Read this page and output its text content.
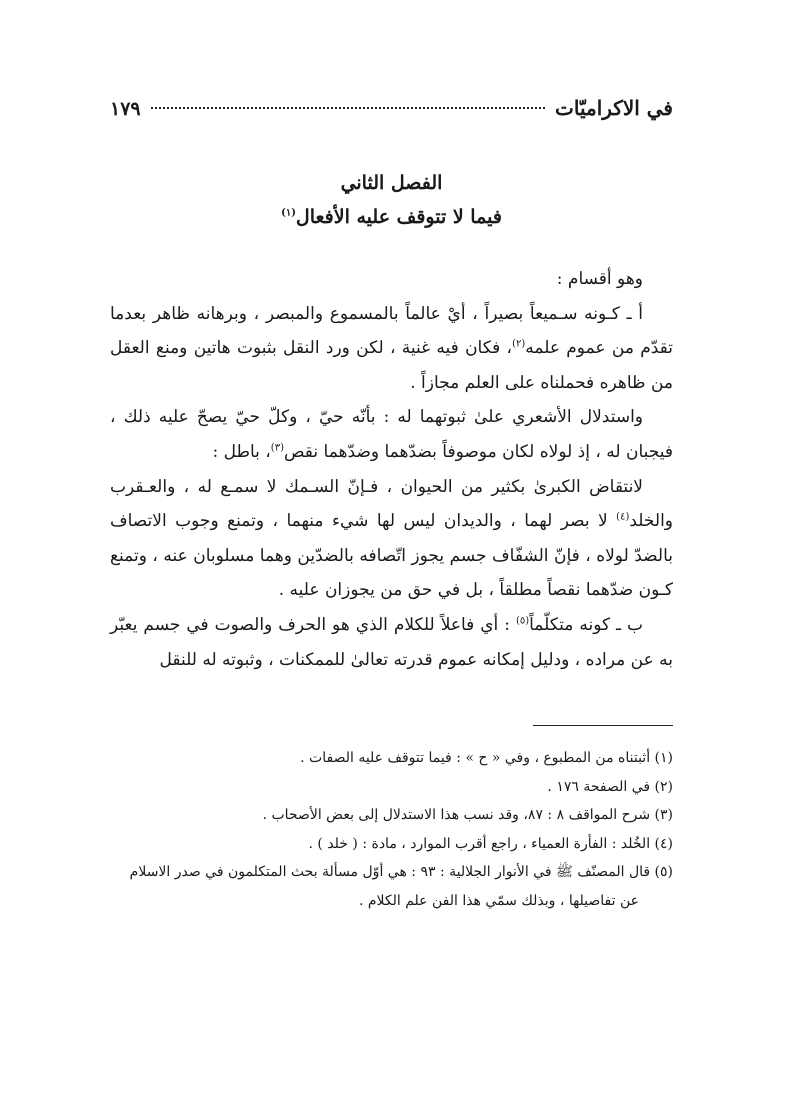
في الاكراميّات
١٧٩
الفصل الثاني
فيما لا تتوقف عليه الأفعال$^{(١)}$

وهو أقسام :

أ ـ كـونه سـميعاً بصيراً ، أيْ عالماً بالمسموع والمبصر ، وبرهانه ظاهر بعدما تقدّم من عموم علمه$^{(٢)}$، فكان فيه غنية ، لكن ورد النقل بثبوت هاتين ومنع العقل من ظاهره فحملناه على العلم مجازاً .

واستدلال الأشعري علىٰ ثبوتهما له : بأنّه حيّ ، وكلّ حيّ يصحّ عليه ذلك ، فيجبان له ، إذ لولاه لكان موصوفاً بضدّهما وضدّهما نقص$^{(٣)}$، باطل :

لانتقاض الكبرىٰ بكثير من الحيوان ، فـإنّ السـمك لا سمـع له ، والعـقرب والخلد$^{(٤)}$ لا بصر لهما ، والديدان ليس لها شيء منهما ، وتمنع وجوب الاتصاف بالضدّ لولاه ، فإنّ الشفّاف جسم يجوز اتّصافه بالضدّين وهما مسلوبان عنه ، وتمنع كـون ضدّهما نقصاً مطلقاً ، بل في حق من يجوزان عليه .

ب ـ كونه متكلّماً$^{(٥)}$ : أي فاعلاً للكلام الذي هو الحرف والصوت في جسم يعبّر به عن مراده ، ودليل إمكانه عموم قدرته تعالىٰ للممكنات ، وثبوته له للنقل

(١) أثبتناه من المطبوع ، وفي « ح » : فيما تتوقف عليه الصفات .

(٢) في الصفحة ١٧٦ .

(٣) شرح المواقف ٨ : ٨٧، وقد نسب هذا الاستدلال إلى بعض الأصحاب .

(٤) الخُلد : الفأرة العمياء ، راجع أقرب الموارد ، مادة : ( خلد ) .

(٥) قال المصنّف ﷺ في الأنوار الجلالية : ٩٣ : هي أوّل مسألة بحث المتكلمون في صدر الاسلام

عن تفاصيلها ، وبذلك سمّي هذا الفن علم الكلام .
